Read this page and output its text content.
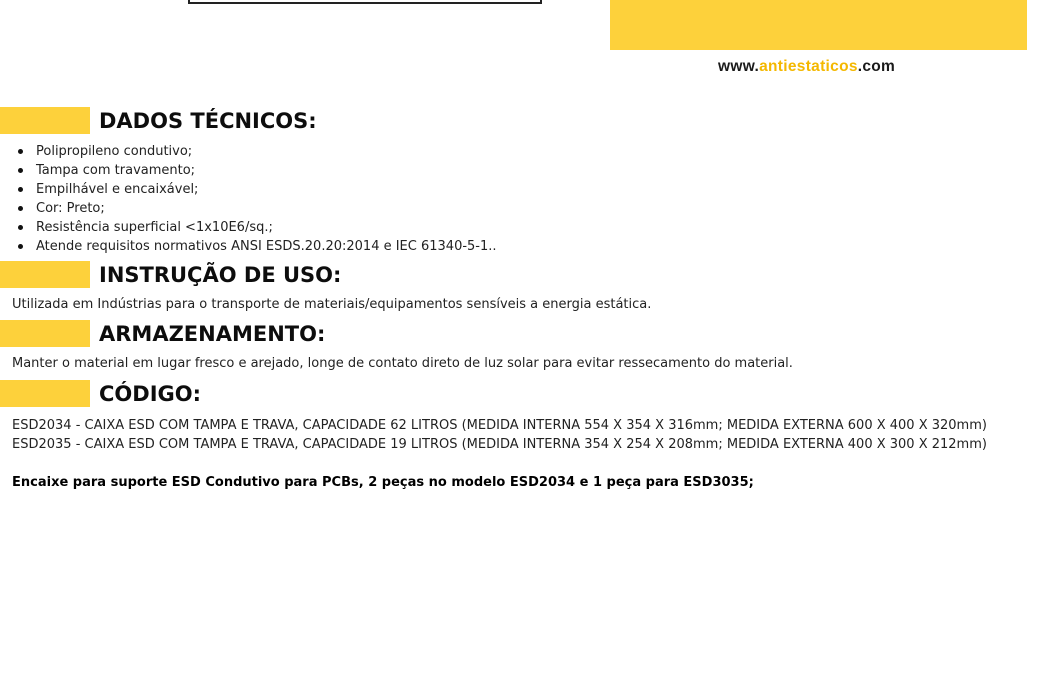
www.antiestaticos.com
DADOS TÉCNICOS:
Polipropileno condutivo;
Tampa com travamento;
Empilhável e encaixável;
Cor: Preto;
Resistência superficial <1x10E6/sq.;
Atende requisitos normativos ANSI ESDS.20.20:2014 e IEC 61340-5-1..
INSTRUÇÃO DE USO:
Utilizada em Indústrias para o transporte de materiais/equipamentos sensíveis a energia estática.
ARMAZENAMENTO:
Manter o material em lugar fresco e arejado, longe de contato direto de luz solar para evitar ressecamento do material.
CÓDIGO:
ESD2034 - CAIXA ESD COM TAMPA E TRAVA, CAPACIDADE 62 LITROS (MEDIDA INTERNA 554 X 354 X 316mm; MEDIDA EXTERNA 600 X 400 X 320mm)
ESD2035 - CAIXA ESD COM TAMPA E TRAVA, CAPACIDADE 19 LITROS (MEDIDA INTERNA 354 X 254 X 208mm; MEDIDA EXTERNA 400 X 300 X 212mm)
Encaixe para suporte ESD Condutivo para PCBs, 2 peças no modelo ESD2034 e 1 peça para ESD3035;
